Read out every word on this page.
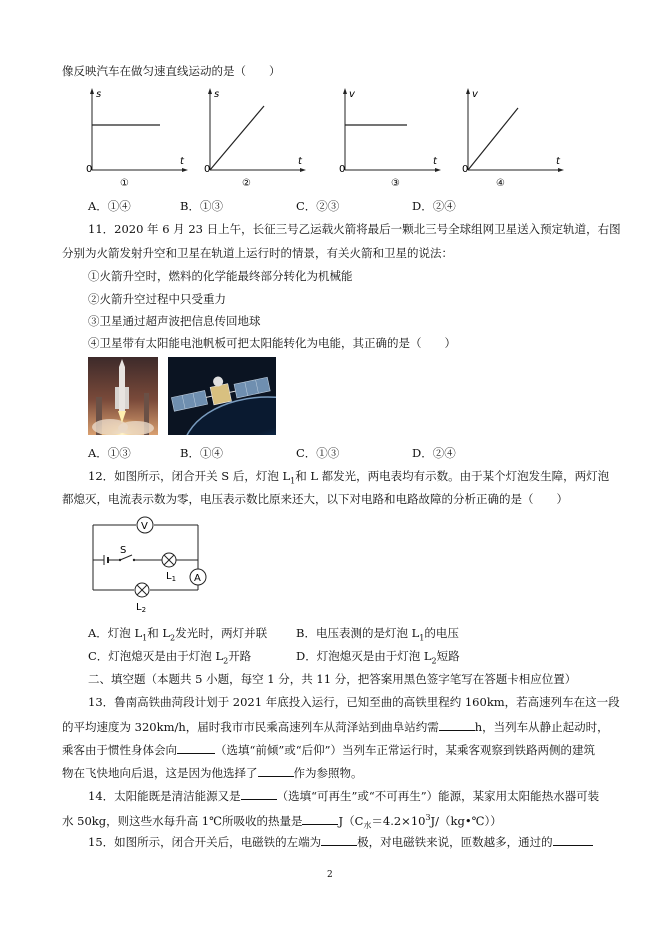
像反映汽车在做匀速直线运动的是（　　）
s
t
0
①
s
t
0
②
v
t
0
③
v
t
0
④
A．①④	B．①③	C．②③	D．②④
11．2020 年 6 月 23 日上午，长征三号乙运载火箭将最后一颗北三号全球组网卫星送入预定轨道，右图
分别为火箭发射升空和卫星在轨道上运行时的情景，有关火箭和卫星的说法：
①火箭升空时，燃料的化学能最终部分转化为机械能
②火箭升空过程中只受重力
③卫星通过超声波把信息传回地球
④卫星带有太阳能电池帆板可把太阳能转化为电能，其正确的是（　　）
A．①③	B．①④	C．①③	D．②④
12．如图所示，闭合开关 S 后，灯泡 $L_1$和 L 都发光，两电表均有示数。由于某个灯泡发生障，两灯泡
都熄灭，电流表示数为零，电压表示数比原来还大，以下对电路和电路故障的分析正确的是（　　）
V
S
$L_1$ A
$L_2$
A．灯泡 $L_1$和 $L_2$发光时，两灯并联	B．电压表测的是灯泡 $L_1$的电压
C．灯泡熄灭是由于灯泡 $L_2$开路	D．灯泡熄灭是由于灯泡 $L_2$短路
二、填空题（本题共 5 小题，每空 1 分，共 11 分，把答案用黑色签字笔写在答题卡相应位置）
13．鲁南高铁曲菏段计划于 2021 年底投入运行，已知至曲的高铁里程约 160km，若高速列车在这一段
的平均速度为 320km/h，届时我市市民乘高速列车从菏泽站到曲阜站约需	h，当列车从静止起动时，
乘客由于惯性身体会向	（选填“前倾”或“后仰”）当列车正常运行时，某乘客观察到铁路两侧的建筑
物在飞快地向后退，这是因为他选择了	作为参照物。
14．太阳能既是清洁能源又是	（选填“可再生”或“不可再生”）能源，某家用太阳能热水器可装
水 50kg，则这些水每升高 1℃所吸收的热量是	$J(C_水=4.2\times 10^3J/(kg•℃))$
15．如图所示，闭合开关后，电磁铁的左端为	极，对电磁铁来说，匝数越多，通过的
2
